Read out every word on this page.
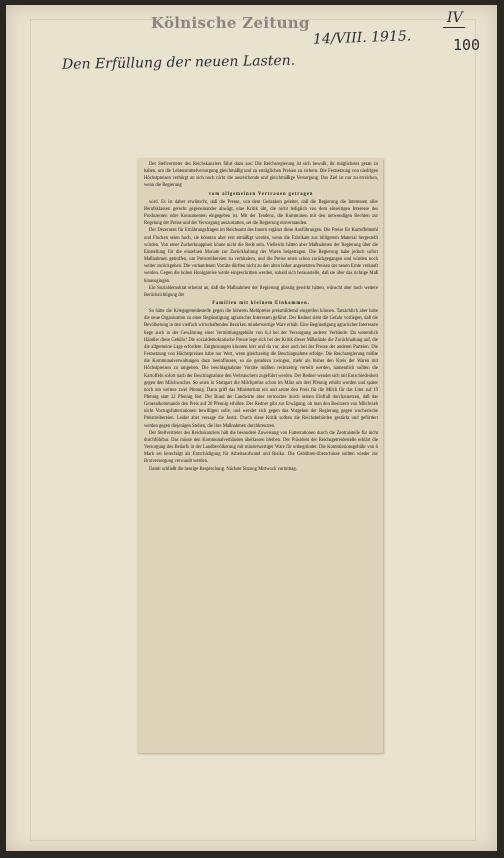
Kölnische Zeitung
14/VIII. 1915.
IV
100
Den Erfüllung der neuen Lasten.

Der Stellvertreter des Reichskanzlers führt dazu aus: Die Reichsregierung ist sich bewußt, ihr möglichstes getan zu haben, um die Lebensmittelversorgung gleichmäßig und zu erträglichen Preisen zu sichern. Die Festsetzung von niedrigen Höchstpreisen verbürgt an sich noch nicht die ausreichende und gleichmäßige Versorgung. Das Ziel ist nur zu erreichen, wenn die Regierung

vom allgemeinen Vertrauen getragen

wird. Es ist daher erwünscht, daß die Presse, von dem Gedanken geleitet, daß die Regierung die Interessen aller Berufsklassen gerecht gegeneinander abwägt, eine Kritik übt, die nicht lediglich von dem einseitigen Interesse des Produzenten oder Konsumenten eingegeben ist. Mit der Tendenz, die Kommunen mit den notwendigen Rechten zur Regelung der Preise und der Versorgung auszustatten, sei die Regierung einverstanden.

Der Dezernent für Ernährungsfragen im Reichsamt des Innern ergänzt diese Ausführungen. Die Preise für Kartoffelmehl und Flocken seien hoch, sie könnten aber erst ermäßigt werden, wenn die Fabrikate aus billigerem Material hergestellt würden. Von einer Zuckerknappheit könne nicht die Rede sein. Vielleicht hätten aber Maßnahmen der Regierung über die Einstellung für die einzelnen Monate zur Zurückhaltung der Waren beigetragen. Die Regierung habe jedoch sofort Maßnahmen getroffen, um Preistreibereien zu verhindern, und die Preise seien schon zurückgegangen und würden noch weiter zurückgehen. Die vorhandenen Vorräte dürften nicht zu den alten höher angesetzten Preisen der neuen Ernte verkauft werden. Gegen die hohen Honigpreise werde eingeschritten werden, sobald sich herausstelle, daß sie über das richtige Maß hinausgingen.

Ein Sozialdemokrat erkennt an, daß die Maßnahmen der Regierung günstig gewirkt hätten, wünscht aber noch weitere Berücksichtigung der

Familien mit kleinem Einkommen.

So hätte die Kriegsgetreidestelle gegen die höheren Mehlpreise preismildernd eingreifen können. Tatsächlich aber habe die neue Organisation zu einer Begünstigung agrarischer Interessen geführt. Der Redner sieht die Gefahr vorliegen, daß die Bevölkerung in den vielfach wirtschaftenden Bezirken minderwertige Ware erhält. Eine Begünstigung agrarischer Interessen liege auch in der Gewährung einer Vermittlungsgebühr von 6,4 bei der Versorgung anderer Verbände. Da wesentlich Händler diese Gebühr! Die sozialdemokratische Presse lege sich bei der Kritik dieser Mißstände die Zurückhaltung auf, die die allgemeine Lage erfordere. Entgleisungen könnten hier und da vor, aber auch bei der Presse der anderen Parteien. Die Festsetzung von Höchstpreisen habe nur Wert, wenn gleichzeitig die Beschlagnahme erfolge. Die Reichsregierung müßte die Kommunalverwaltungen dazu beeinflussen, so sie geradezu zwingen, mehr als bisher den Kreis der Waren mit Höchstpreisen zu umgeben. Die beschlagnahmte Vorräte müßten rechtzeitig verteilt werden, namentlich sollten die Kartoffeln sofort nach der Beschlagnahme den Verbrauchern zugeführt werden. Der Redner wendet sich mit Entschiedenheit gegen den Milchwucher. So seien in Stuttgart die Milchpreise schon im März um drei Pfennig erhöht worden und später noch um weitere zwei Pfennig. Dann griff das Ministerium ein und setzte den Preis für die Milch für das Liter auf 19 Pfennig statt 22 Pfennig fest. Der Bund der Landwirte aber vermochte durch seinen Einfluß durchzusetzen, daß das Generalkommando den Preis auf 20 Pfennig erhöhte. Der Redner gibt zur Erwägung, ob man den Besitzern von Milchvieh nicht Vorzugsfutterrationen bewilligen solle, und wendet sich gegen das Vorgehen der Regierung gegen wucherische Preistreibereien. Leider aber versage die Justiz. Durch diese Kritik sollten die Reichsbehörden gestärkt und gefördert werden gegen diejenigen Stellen, die ihre Maßnahmen durchkreuzten.

Der Stellvertreter des Reichskanzlers hält die besondere Zuweisung von Futterrationen durch die Zentralstelle für nicht durchführbar. Das müsse den Kommunalverbänden überlassen bleiben. Der Präsident der Reichsgetreidestelle erklärt die Versorgung des Bedarfs in der Landbevölkerung mit minderwertiger Ware für unbegründet. Die Kommissionsgebühr von 6 Mark sei berechtigt als Entschädigung für Arbeitsaufwand und Risiko. Die Gebühren-überschüsse sollten wieder zur Brotversorgung verwandt werden.

Damit schließt die heutige Besprechung. Nächste Sitzung Mittwoch vormittag.
